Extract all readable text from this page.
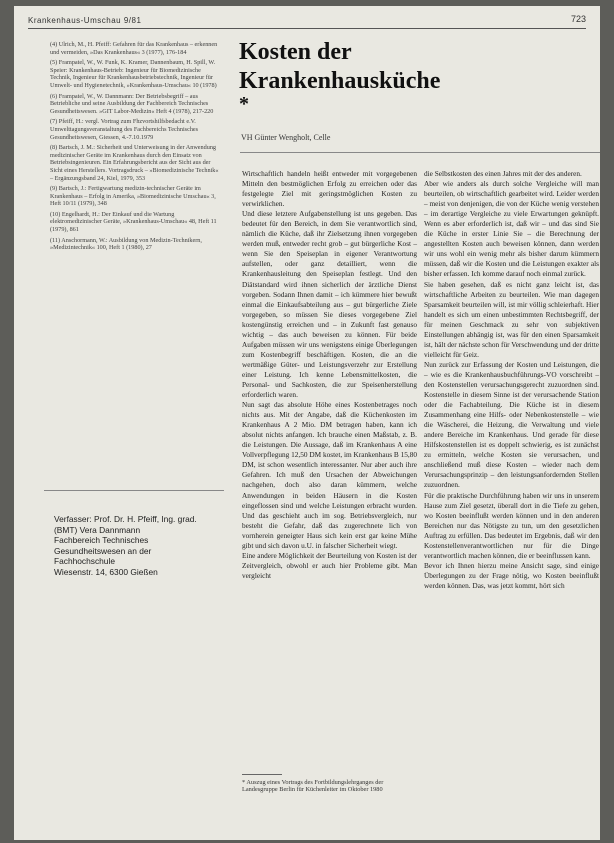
Krankenhaus-Umschau 9/81	723
(4) Ulrich, M., H. Pfeiff: Gefahren für das Krankenhaus – erkennen und vermeiden, »Das Krankenhaus« 3 (1977), 176-184
(5) Frampatel, W., W. Funk, K. Kramer, Dannenbaum, H. Spill, W. Speier: Krankenhaus-Betrieb: Ingenieur für Biomedizinische Technik, Ingenieur für Krankenhausbetriebstechnik, Ingenieur für Umwelt- und Hygienetechnik, »Krankenhaus-Umschau« 10 (1978)
(6) Frampatel, W., W. Dannmann: Der Betriebsbegriff – aus Betriebliche und seine Ausbildung der Fachbereich Technisches Gesundheitswesen. »GIT Labor-Medizin« Heft 4 (1978), 217-220
(7) Pfeiff, H.: vergl. Vortrag zum Fhzvortshilfsbedacht e.V. Umwelttagungsveranstaltung des Fachbereichs Technisches Gesundheitswesen, Giessen, 4.-7.10.1979
(8) Bartsch, J. M.: Sicherheit und Unterweisung in der Anwendung medizinischer Geräte im Krankenhaus durch den Einsatz von Betriebsingenieuren. Ein Erfahrungsbericht aus der Sicht aus der Sicht eines Herstellers. Vortragsdruck – »Biomedizinische Technik« – Ergänzungsband 24, Kiel, 1979, 353
(9) Bartsch, J.: Fertigwartung medizin-technischer Geräte im Krankenhaus – Erfolg in Amerika, »Biomedizinische Umschau« 3, Heft 10/11 (1979), 348
(10) Engelhardt, H.: Der Einkauf und die Wartung elektromedizinischer Geräte, »Krankenhaus-Umschau« 48, Heft 11 (1979), 861
(11) Anschormann, W.: Ausbildung von Medizin-Technikern, »Medizintechnik« 100, Heft 1 (1980), 27
Verfasser: Prof. Dr. H. Pfeiff, Ing. grad.
(BMT) Vera Dannmann
Fachbereich Technisches Gesundheitswesen an der Fachhochschule
Wiesenstr. 14, 6300 Gießen
Kosten der
Krankenhausküche
*
VH Günter Wengholt, Celle

Wirtschaftlich handeln heißt entweder mit vorgegebenen Mitteln den bestmöglichen Erfolg zu erreichen oder das festgelegte Ziel mit geringstmöglichen Kosten zu verwirklichen.

Und diese letztere Aufgabenstellung ist uns gegeben. Das bedeutet für den Bereich, in dem Sie verantwortlich sind, nämlich die Küche, daß ihr Zielsetzung ihnen vorgegeben werden muß, entweder recht grob – gut bürgerliche Kost – wenn Sie den Speiseplan in eigener Verantwortung aufstellen, oder ganz detailliert, wenn die Krankenhausleitung den Speiseplan festlegt. Und den Diätstandard wird ihnen sicherlich der ärztliche Dienst vorgeben. Sodann Ihnen damit – ich kümmere hier bewußt einmal die Einkaufsabteilung aus – gut bürgerliche Ziele vorgegeben, so müssen Sie dieses vorgegebene Ziel kostengünstig erreichen und – in Zukunft fast genauso wichtig – das auch beweisen zu können. Für beide Aufgaben müssen wir uns wenigstens einige Überlegungen zum Kostenbegriff beschäftigen. Kosten, die an die wertmäßige Güter- und Leistungsverzehr zur Erstellung einer Leistung. Ich kenne Lebensmittelkosten, die Personal- und Sachkosten, die zur Speisenherstellung erforderlich waren.

Nun sagt das absolute Höhe eines Kostenbetrages noch nichts aus. Mit der Angabe, daß die Küchenkosten im Krankenhaus A 2 Mio. DM betragen haben, kann ich absolut nichts anfangen. Ich brauche einen Maßstab, z. B. die Leistungen. Die Aussage, daß im Krankenhaus A eine Vollverpflegung 12,50 DM kostet, im Krankenhaus B 15,80 DM, ist schon wesentlich interessanter. Nur aber auch ihre Gefahren. Ich muß den Ursachen der Abweichungen nachgehen, doch also daran kümmern, welche Anwendungen in beiden Häusern in die Kosten eingeflossen sind und welche Leistungen erbracht wurden. Und das geschieht auch im sog. Betriebsvergleich, nur besteht die Gefahr, daß das zugerechnete lich von vornherein geneigter Haus sich kein erst gar keine Mühe gibt und sich davon u.U. in falscher Sicherheit wiegt.

Eine andere Möglichkeit der Beurteilung von Kosten ist der Zeitvergleich, obwohl er auch hier Probleme gibt. Man vergleicht

die Selbstkosten des einen Jahres mit der des anderen.

Aber wie anders als durch solche Vergleiche will man beurteilen, ob wirtschaftlich gearbeitet wird. Leider werden – meist von denjenigen, die von der Küche wenig verstehen – im derartige Vergleiche zu viele Erwartungen geknüpft. Wenn es aber erforderlich ist, daß wir – und das sind Sie die Küche in erster Linie Sie – die Berechnung der angestellten Kosten auch beweisen können, dann werden wir uns wohl ein wenig mehr als bisher darum kümmern müssen, daß wir die Kosten und die Leistungen exakter als bisher erfassen. Ich komme darauf noch einmal zurück.

Sie haben gesehen, daß es nicht ganz leicht ist, das wirtschaftliche Arbeiten zu beurteilen. Wie man dagegen Sparsamkeit beurteilen will, ist mir völlig schleierhaft. Hier handelt es sich um einen unbestimmten Rechtsbegriff, der für meinen Geschmack zu sehr von subjektiven Einstellungen abhängig ist, was für den einen Sparsamkeit ist, hält der nächste schon für Verschwendung und der dritte vielleicht für Geiz.

Nun zurück zur Erfassung der Kosten und Leistungen, die – wie es die Krankenhausbuchführungs-VO vorschreibt – den Kostenstellen verursachungsgerecht zuzuordnen sind. Kostenstelle in diesem Sinne ist der verursachende Station oder die Fachabteilung. Die Küche ist in diesem Zusammenhang eine Hilfs- oder Nebenkostenstelle – wie die Wäscherei, die Heizung, die Verwaltung und viele andere Bereiche im Krankenhaus. Und gerade für diese Hilfskostenstellen ist es doppelt schwierig, es ist zunächst zu ermitteln, welche Kosten sie verursachen, und anschließend muß diese Kosten – wieder nach dem Verursachungsprinzip – den leistungsanfordernden Stellen zuzuordnen.

Für die praktische Durchführung haben wir uns in unserem Hause zum Ziel gesetzt, überall dort in die Tiefe zu gehen, wo Kosten beeinflußt werden können und in den anderen Bereichen nur das Nötigste zu tun, um den gesetzlichen Auftrag zu erfüllen. Das bedeutet im Ergebnis, daß wir den Kostenstellenverantwortlichen nur für die Dinge verantwortlich machen können, die er beeinflussen kann.

Bevor ich Ihnen hierzu meine Ansicht sage, sind einige Überlegungen zu der Frage nötig, wo Kosten beeinflußt werden können. Das, was jetzt kommt, hört sich

* Auszug eines Vortrags des Fortbildungslehrganges der Landesgruppe Berlin für Küchenleiter im Oktober 1980
